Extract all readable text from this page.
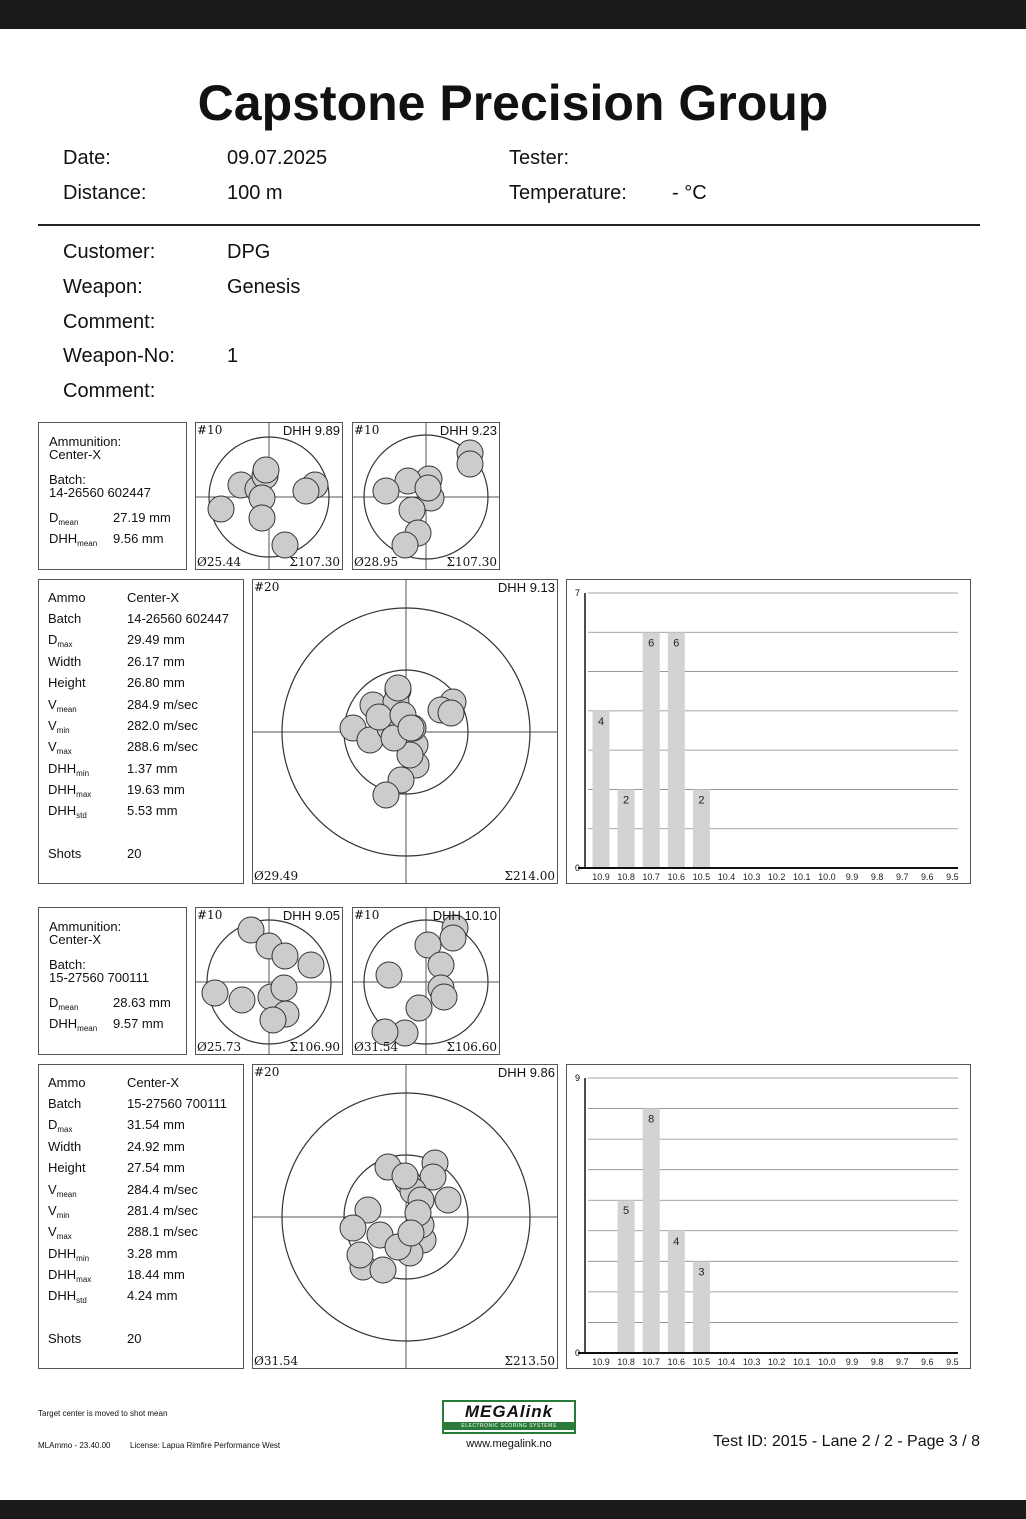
Capstone Precision Group
Date:	09.07.2025	Tester:
Distance:	100 m	Temperature: - °C
Customer:	DPG
Weapon:	Genesis
Comment:
Weapon-No:	1
Comment:
Ammunition:
Center-X
Batch:
14-26560 602447
$D_{mean}$	27.19 mm
$DHH_{mean}$ 9.56 mm
#10	DHH 9.89
Ø25.44	Σ107.30
#10	DHH 9.23
Ø28.95	Σ107.30
Ammo	Center-X
Batch	14-26560 602447
$D_{max}$	29.49 mm
Width	26.17 mm
Height	26.80 mm
$V_{mean}$	284.9 m/sec
$V_{min}$	282.0 m/sec
$V_{max}$	288.6 m/sec
$DHH_{min}$	1.37 mm
$DHH_{max}$	19.63 mm
$DHH_{std}$	5.53 mm
Shots	20
#20	DHH 9.13
Ø29.49	Σ214.00
4
10.9
2
10.8
6
10.7
6
10.6
2
10.5 10.4 10.3 10.2 10.1 10.0 9.9 9.8 9.7 9.6 9.5
0
7
Ammunition:
Center-X
Batch:
15-27560 700111
$D_{mean}$	28.63 mm
$DHH_{mean}$ 9.57 mm
#10	DHH 9.05
Ø25.73	Σ106.90
#10	DHH 10.10
Ø31.54	Σ106.60
Ammo	Center-X
Batch	15-27560 700111
$D_{max}$	31.54 mm
Width	24.92 mm
Height	27.54 mm
$V_{mean}$	284.4 m/sec
$V_{min}$	281.4 m/sec
$V_{max}$	288.1 m/sec
$DHH_{min}$	3.28 mm
$DHH_{max}$	18.44 mm
$DHH_{std}$	4.24 mm
Shots	20
#20	DHH 9.86
Ø31.54	Σ213.50	10.9
5
10.8
8
10.7
4
10.6
3
10.5 10.4 10.3 10.2 10.1 10.0 9.9 9.8 9.7 9.6 9.5
0
9
Target center is moved to shot mean
MLAmmo - 23.40.00 License: Lapua Rimfire Performance West
MEGAlink
ELECTRONIC SCORING SYSTEMS
www.megalink.no	Test ID: 2015 - Lane 2 / 2 - Page 3 / 8
